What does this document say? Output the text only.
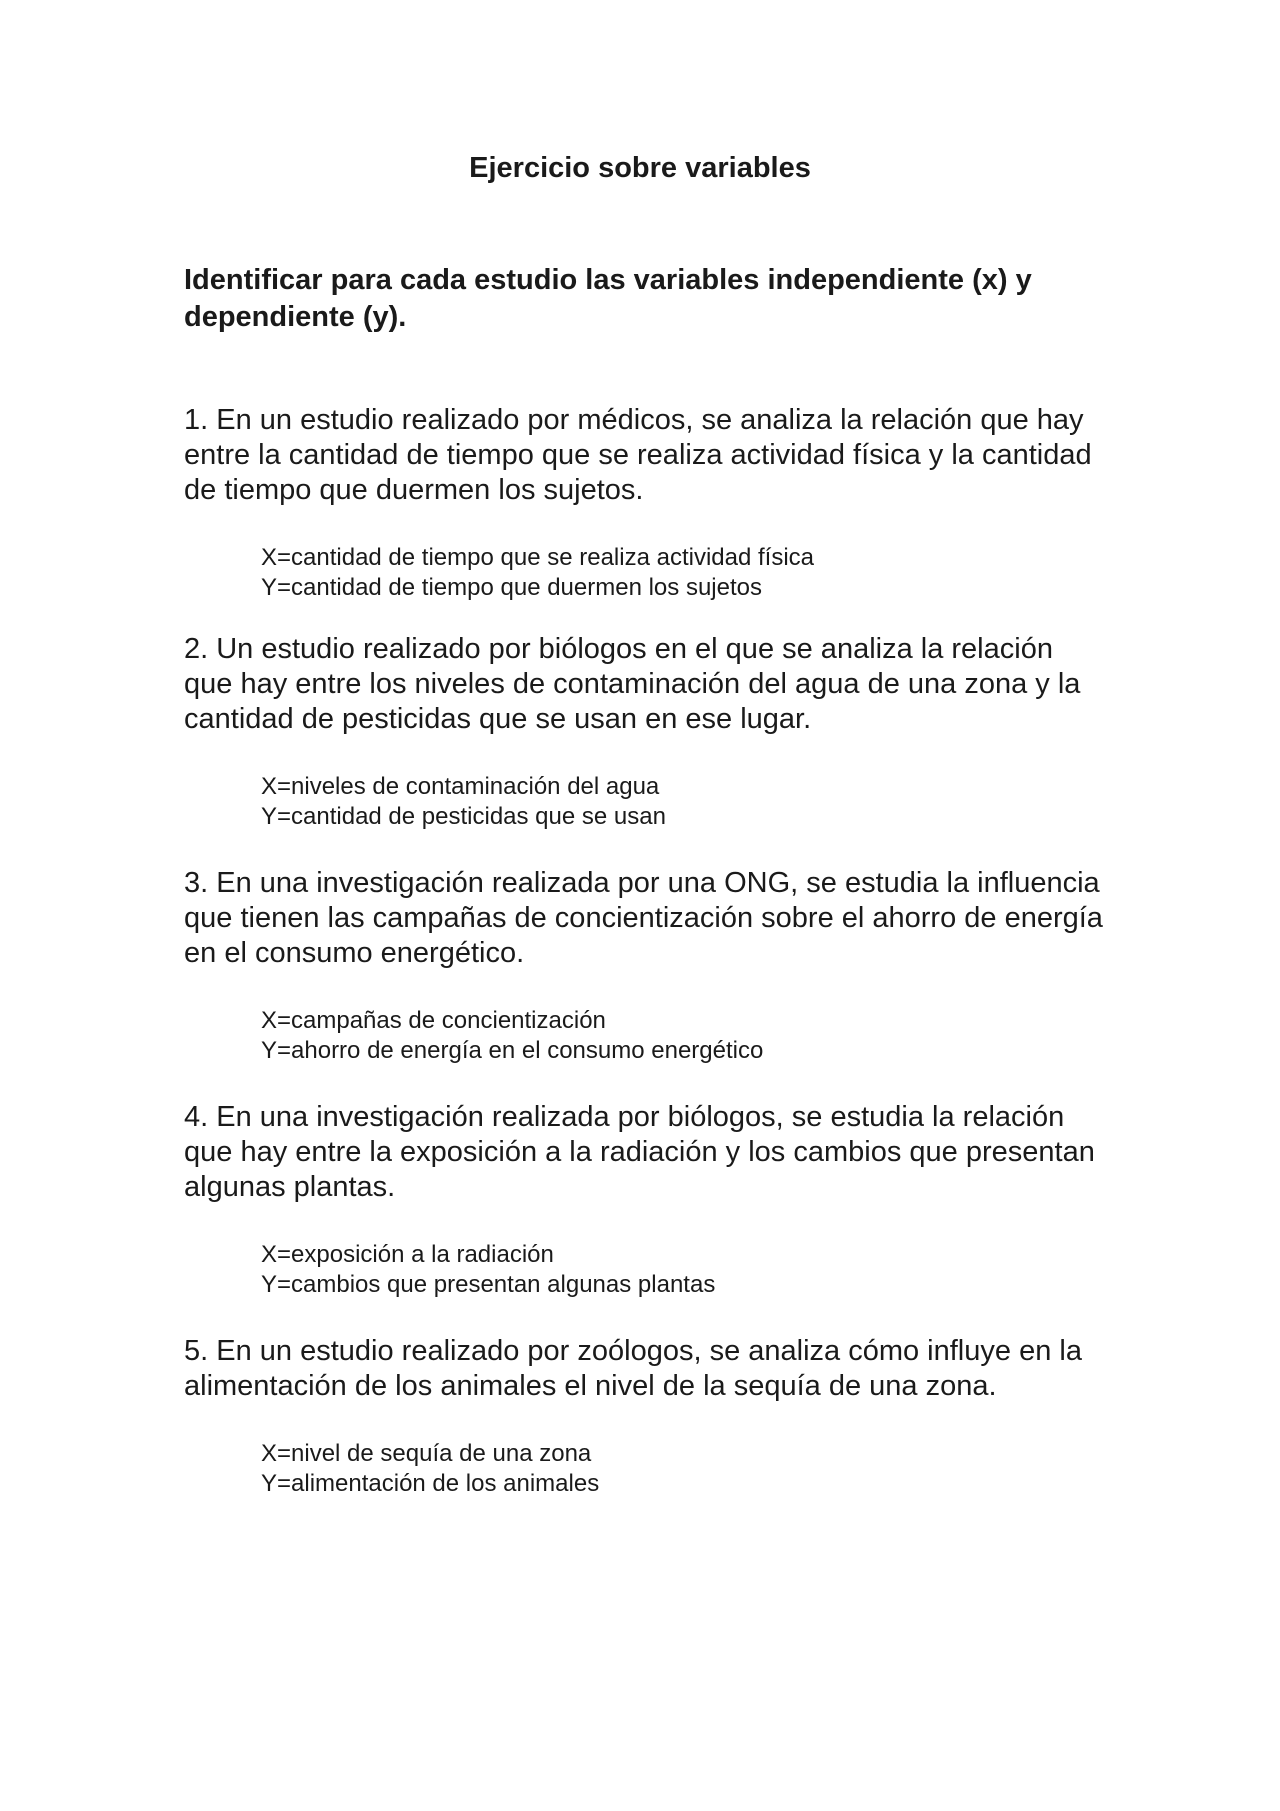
Ejercicio sobre variables

Identificar para cada estudio las variables independiente (x) y dependiente (y).

1. En un estudio realizado por médicos, se analiza la relación que hay entre la cantidad de tiempo que se realiza actividad física y la cantidad de tiempo que duermen los sujetos.

X=cantidad de tiempo que se realiza actividad física
Y=cantidad de tiempo que duermen los sujetos

2. Un estudio realizado por biólogos en el que se analiza la relación que hay entre los niveles de contaminación del agua de una zona y la cantidad de pesticidas que se usan en ese lugar.

X=niveles de contaminación del agua
Y=cantidad de pesticidas que se usan

3. En una investigación realizada por una ONG, se estudia la influencia que tienen las campañas de concientización sobre el ahorro de energía en el consumo energético.

X=campañas de concientización
Y=ahorro de energía en el consumo energético

4. En una investigación realizada por biólogos, se estudia la relación que hay entre la exposición a la radiación y los cambios que presentan algunas plantas.

X=exposición a la radiación
Y=cambios que presentan algunas plantas

5. En un estudio realizado por zoólogos, se analiza cómo influye en la alimentación de los animales el nivel de la sequía de una zona.

X=nivel de sequía de una zona
Y=alimentación de los animales
